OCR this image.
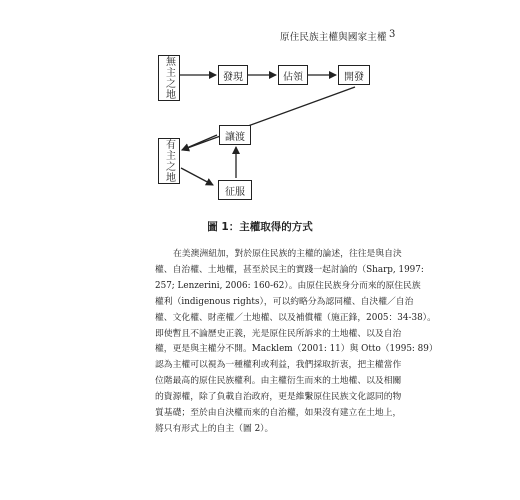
原住民族主權與國家主權 3
無主之地	發現	佔領	開發
有主之地
讓渡
征服
圖 1：主權取得的方式
在美澳洲紐加，對於原住民族的主權的論述，往往是與自決
權、自治權、土地權，甚至於民主的實踐一起討論的（Sharp, 1997:
257; Lenzerini, 2006: 160-62）。由原住民族身分而來的原住民族
權利（indigenous rights），可以約略分為認同權、自決權／自治
權、文化權、財產權／土地權、以及補償權（施正鋒，2005：34-38）。
即使暫且不論歷史正義，光是原住民所訴求的土地權、以及自治
權，更是與主權分不開。Macklem（2001: 11）與 Otto（1995: 89）
認為主權可以視為一種權利或利益，我們採取折衷，把主權當作
位階最高的原住民族權利。由主權衍生而來的土地權、以及相關
的資源權，除了負載自治政府，更是維繫原住民族文化認同的物
質基礎；至於由自決權而來的自治權，如果沒有建立在土地上，
將只有形式上的自主（圖 2）。
